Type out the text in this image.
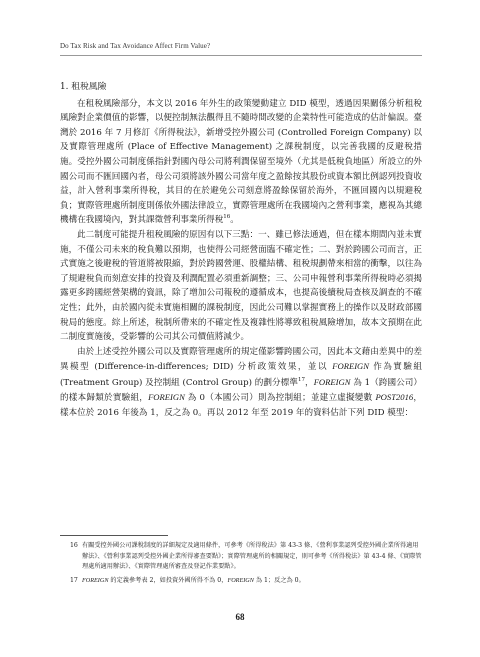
Do Tax Risk and Tax Avoidance Affect Firm Value?

1. 租稅風險

在租稅風險部分，本文以 2016 年外生的政策變動建立 DID 模型，透過因果關係分析租稅風險對企業價值的影響，以便控制無法觀得且不隨時間改變的企業特性可能造成的估計偏誤。臺灣於 2016 年 7 月修訂《所得稅法》，新增受控外國公司 (Controlled Foreign Company) 以及實際管理處所 (Place of Effective Management) 之課稅制度，以完善我國的反避稅措施。受控外國公司制度係指針對國內母公司將利潤保留至境外（尤其是低稅負地區）所設立的外國公司而不匯回國內者，母公司須將該外國公司當年度之盈餘按其股份或資本額比例認列投資收益，計入營利事業所得稅，其目的在於避免公司刻意將盈餘保留於海外，不匯回國內以規避稅負；實際管理處所制度則係依外國法律設立，實際管理處所在我國境內之營利事業，應視為其總機構在我國境內，對其課徵營利事業所得稅$^{16}$。

此二制度可能提升租稅風險的原因有以下三點：一、雖已修法通過，但在樣本期間內並未實施，不僅公司未來的稅負難以預期，也使得公司經營面臨不確定性；二、對於跨國公司而言，正式實施之後避稅的管道將被限縮，對於跨國營運、股權結構、租稅規劃帶來相當的衝擊，以往為了規避稅負而刻意安排的投資及利潤配置必須重新調整；三、公司申報營利事業所得稅時必須揭露更多跨國經營架構的資訊，除了增加公司報稅的遵循成本，也提高後續稅局查核及調查的不確定性；此外，由於國內從未實施相關的課稅制度，因此公司難以掌握實務上的操作以及財政部國稅局的態度。綜上所述，稅制所帶來的不確定性及複雜性將導致租稅風險增加，故本文預期在此二制度實施後，受影響的公司其公司價值將減少。

由於上述受控外國公司以及實際管理處所的規定僅影響跨國公司，因此本文藉由差異中的差異模型 (Difference-in-differences; DID) 分析政策效果，並以 FOREIGN 作為實驗組 (Treatment Group) 及控制組 (Control Group) 的劃分標準$^{17}$，FOREIGN 為 1（跨國公司）的樣本歸類於實驗組，FOREIGN 為 0（本國公司）則為控制組；並建立虛擬變數 POST2016，樣本位於 2016 年後為 1，反之為 0。再以 2012 年至 2019 年的資料估計下列 DID 模型：

16 有關受控外國公司課稅制度的詳細規定及適用條件，可參考《所得稅法》第 43-3 條、《營利事業認列受控外國企業所得適用辦法》、《營利事業認列受控外國企業所得審查要點》；實際管理處所的相關規定，則可參考《所得稅法》第 43-4 條、《實際管理處所適用辦法》、《實際管理處所審查及登記作業要點》。
17 FOREIGN 的定義參考表 2，如投資外國所得不為 0，FOREIGN 為 1；反之為 0。
68
